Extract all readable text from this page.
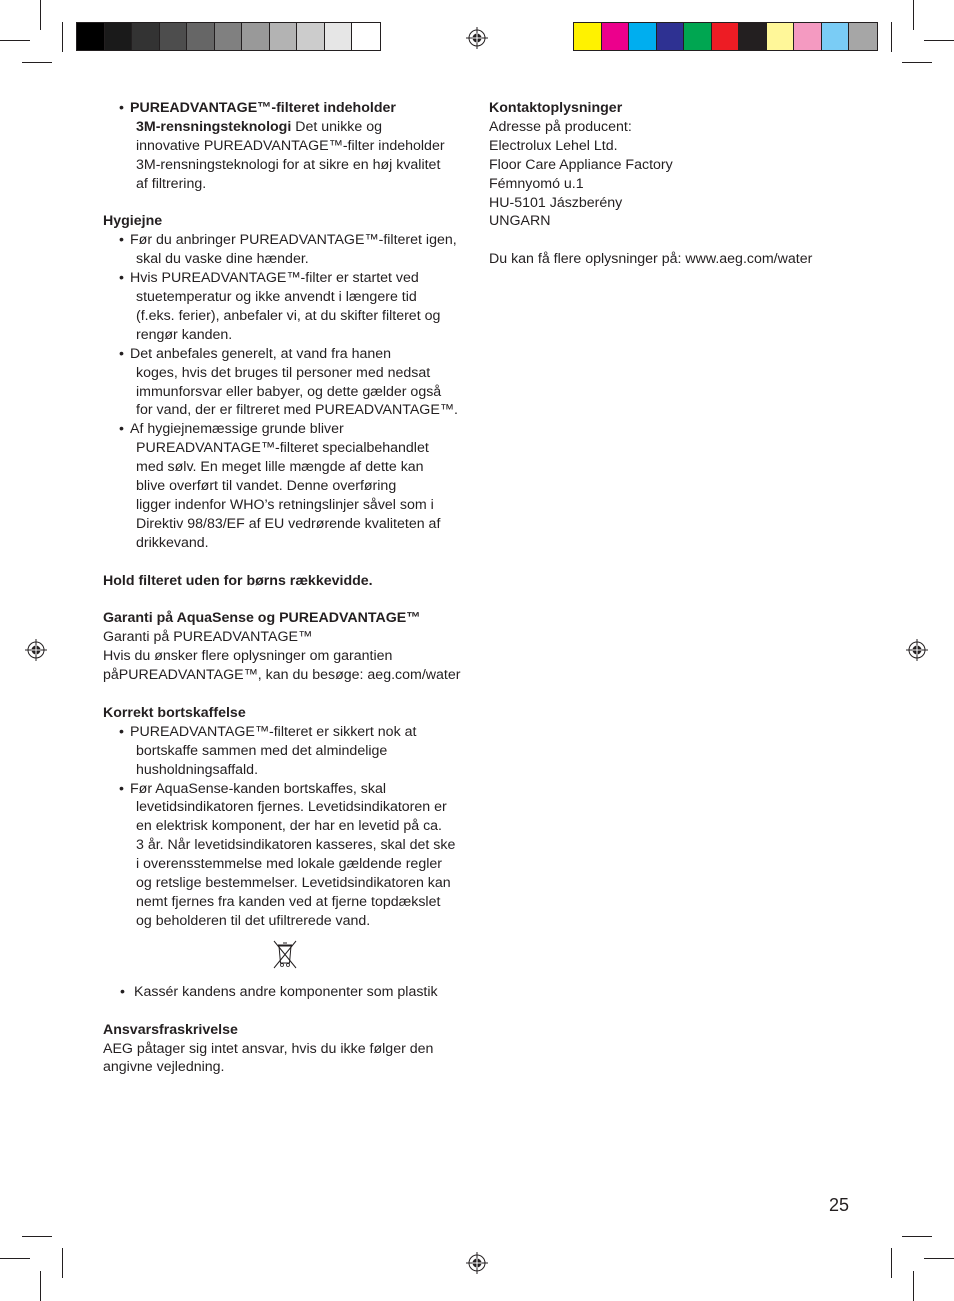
• PUREADVANTAGE™-filteret indeholder
3M-rensningsteknologi Det unikke og
innovative PUREADVANTAGE™-filter indeholder
3M-rensningsteknologi for at sikre en høj kvalitet
af filtrering.
Hygiejne
• Før du anbringer PUREADVANTAGE™-filteret igen,
skal du vaske dine hænder.
• Hvis PUREADVANTAGE™-filter er startet ved
stuetemperatur og ikke anvendt i længere tid
(f.eks. ferier), anbefaler vi, at du skifter filteret og
rengør kanden.
• Det anbefales generelt, at vand fra hanen
koges, hvis det bruges til personer med nedsat
immunforsvar eller babyer, og dette gælder også
for vand, der er filtreret med PUREADVANTAGE™.
• Af hygiejnemæssige grunde bliver
PUREADVANTAGE™-filteret specialbehandlet
med sølv. En meget lille mængde af dette kan
blive overført til vandet. Denne overføring
ligger indenfor WHO’s retningslinjer såvel som i
Direktiv 98/83/EF af EU vedrørende kvaliteten af
drikkevand.
Hold filteret uden for børns rækkevidde.
Garanti på AquaSense og PUREADVANTAGE™
Garanti på PUREADVANTAGE™
Hvis du ønsker flere oplysninger om garantien
påPUREADVANTAGE™, kan du besøge: aeg.com/water
Korrekt bortskaffelse
• PUREADVANTAGE™-filteret er sikkert nok at
bortskaffe sammen med det almindelige
husholdningsaffald.
• Før AquaSense-kanden bortskaffes, skal
levetidsindikatoren fjernes. Levetidsindikatoren er
en elektrisk komponent, der har en levetid på ca.
3 år. Når levetidsindikatoren kasseres, skal det ske
i overensstemmelse med lokale gældende regler
og retslige bestemmelser. Levetidsindikatoren kan
nemt fjernes fra kanden ved at fjerne topdækslet
og beholderen til det ufiltrerede vand.
• Kassér kandens andre komponenter som plastik
Ansvarsfraskrivelse
AEG påtager sig intet ansvar, hvis du ikke følger den
angivne vejledning.
Kontaktoplysninger
Adresse på producent:
Electrolux Lehel Ltd.
Floor Care Appliance Factory
Fémnyomó u.1
HU-5101 Jászberény
UNGARN
Du kan få flere oplysninger på: www.aeg.com/water
25
